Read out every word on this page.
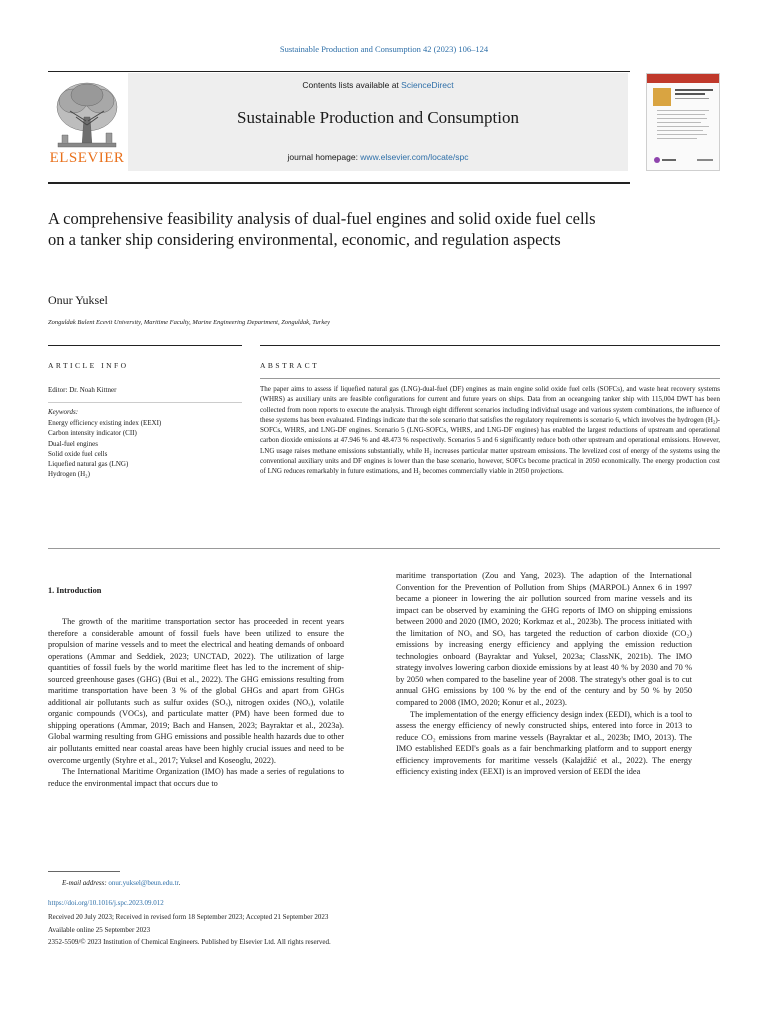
Sustainable Production and Consumption 42 (2023) 106–124
ELSEVIER
Contents lists available at ScienceDirect
Sustainable Production and Consumption
journal homepage: www.elsevier.com/locate/spc
A comprehensive feasibility analysis of dual-fuel engines and solid oxide fuel cells on a tanker ship considering environmental, economic, and regulation aspects
Onur Yuksel
Zonguldak Bulent Ecevit University, Maritime Faculty, Marine Engineering Department, Zonguldak, Turkey
ARTICLE INFO	ABSTRACT
Editor: Dr. Noah Kittner
Keywords:
Energy efficiency existing index (EEXI)
Carbon intensity indicator (CII)
Dual-fuel engines
Solid oxide fuel cells
Liquefied natural gas (LNG)
Hydrogen (H₂)

The paper aims to assess if liquefied natural gas (LNG)-dual-fuel (DF) engines as main engine solid oxide fuel cells (SOFCs), and waste heat recovery systems (WHRS) as auxiliary units are feasible configurations for current and future years on ships. Data from an oceangoing tanker ship with 115,004 DWT has been collected from noon reports to execute the analysis. Through eight different scenarios including individual usage and various system combinations, the influence of these systems has been evaluated. Findings indicate that the sole scenario that satisfies the regulatory requirements is scenario 6, which involves the hydrogen (H₂)-SOFCs, WHRS, and LNG-DF engines. Scenario 5 (LNG-SOFCs, WHRS, and LNG-DF engines) has enabled the largest reductions of upstream and operational carbon dioxide emissions at 47.946 % and 48.473 % respectively. Scenarios 5 and 6 significantly reduce both other upstream and operational emissions. However, LNG usage raises methane emissions substantially, while H₂ increases particular matter upstream emissions. The levelized cost of energy of the systems using the conventional auxiliary units and DF engines is lower than the base scenario, however, SOFCs become practical in 2050 economically. The energy production cost of LNG reduces remarkably in future estimations, and H₂ becomes commercially viable in 2050 projections.

1. Introduction

The growth of the maritime transportation sector has proceeded in recent years therefore a considerable amount of fossil fuels have been utilized to ensure the propulsion of marine vessels and to meet the electrical and heating demands of onboard operations (Ammar and Seddiek, 2023; UNCTAD, 2022). The utilization of large quantities of fossil fuels by the world maritime fleet has led to the increment of ship-sourced greenhouse gases (GHG) (Bui et al., 2022). The GHG emissions resulting from maritime transportation have been 3 % of the global GHGs and apart from GHGs additional air pollutants such as sulfur oxides (SOₓ), nitrogen oxides (NOₓ), volatile organic compounds (VOCs), and particulate matter (PM) have been formed due to shipping operations (Ammar, 2019; Bach and Hansen, 2023; Bayraktar et al., 2023a). Global warming resulting from GHG emissions and possible health hazards due to other air pollutants emitted near coastal areas have been highly crucial issues and need to be overcome urgently (Styhre et al., 2017; Yuksel and Koseoglu, 2022).

The International Maritime Organization (IMO) has made a series of regulations to reduce the environmental impact that occurs due to

maritime transportation (Zou and Yang, 2023). The adaption of the International Convention for the Prevention of Pollution from Ships (MARPOL) Annex 6 in 1997 became a pioneer in lowering the air pollution sourced from marine vessels and its impact can be observed by examining the GHG reports of IMO on shipping emissions between 2000 and 2020 (IMO, 2020; Korkmaz et al., 2023b). The process initiated with the limitation of NOₓ and SOₓ has targeted the reduction of carbon dioxide (CO₂) emissions by increasing energy efficiency and applying the emission reduction technologies onboard (Bayraktar and Yuksel, 2023a; ClassNK, 2021b). The IMO strategy involves lowering carbon dioxide emissions by at least 40 % by 2030 and 70 % by 2050 when compared to the baseline year of 2008. The strategy's other goal is to cut annual GHG emissions by 100 % by the end of the century and by 50 % by 2050 compared to 2008 (IMO, 2020; Konur et al., 2023).

The implementation of the energy efficiency design index (EEDI), which is a tool to assess the energy efficiency of newly constructed ships, entered into force in 2013 to reduce CO₂ emissions from marine vessels (Bayraktar et al., 2023b; IMO, 2013). The IMO established EEDI's goals as a fair benchmarking platform and to support energy efficiency improvements for maritime vessels (Kalajdžić et al., 2022). The energy efficiency existing index (EEXI) is an improved version of EEDI the idea

E-mail address: onur.yuksel@beun.edu.tr.
https://doi.org/10.1016/j.spc.2023.09.012
Received 20 July 2023; Received in revised form 18 September 2023; Accepted 21 September 2023
Available online 25 September 2023
2352-5509/© 2023 Institution of Chemical Engineers. Published by Elsevier Ltd. All rights reserved.
